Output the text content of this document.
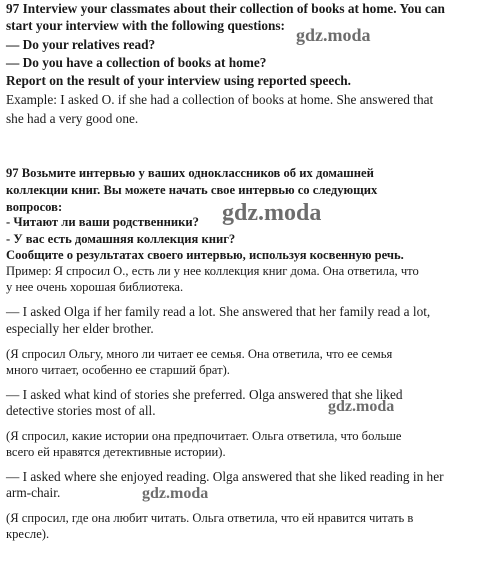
97 Interview your classmates about their collection of books at home. You can
start your interview with the following questions:
— Do your relatives read?
— Do you have a collection of books at home?
Report on the result of your interview using reported speech.
Example: I asked O. if she had a collection of books at home. She answered that
she had a very good one.
97 Возьмите интервью у ваших одноклассников об их домашней
коллекции книг. Вы можете начать свое интервью со следующих
вопросов:
- Читают ли ваши родственники?
- У вас есть домашняя коллекция книг?
Сообщите о результатах своего интервью, используя косвенную речь.
Пример: Я спросил О., есть ли у нее коллекция книг дома. Она ответила, что
у нее очень хорошая библиотека.
— I asked Olga if her family read a lot. She answered that her family read a lot,
especially her elder brother.
(Я спросил Ольгу, много ли читает ее семья. Она ответила, что ее семья
много читает, особенно ее старший брат).
— I asked what kind of stories she preferred. Olga answered that she liked
detective stories most of all.
(Я спросил, какие истории она предпочитает. Ольга ответила, что больше
всего ей нравятся детективные истории).
— I asked where she enjoyed reading. Olga answered that she liked reading in her
arm-chair.
(Я спросил, где она любит читать. Ольга ответила, что ей нравится читать в
кресле).
gdz.moda
gdz.moda
gdz.moda
gdz.moda
